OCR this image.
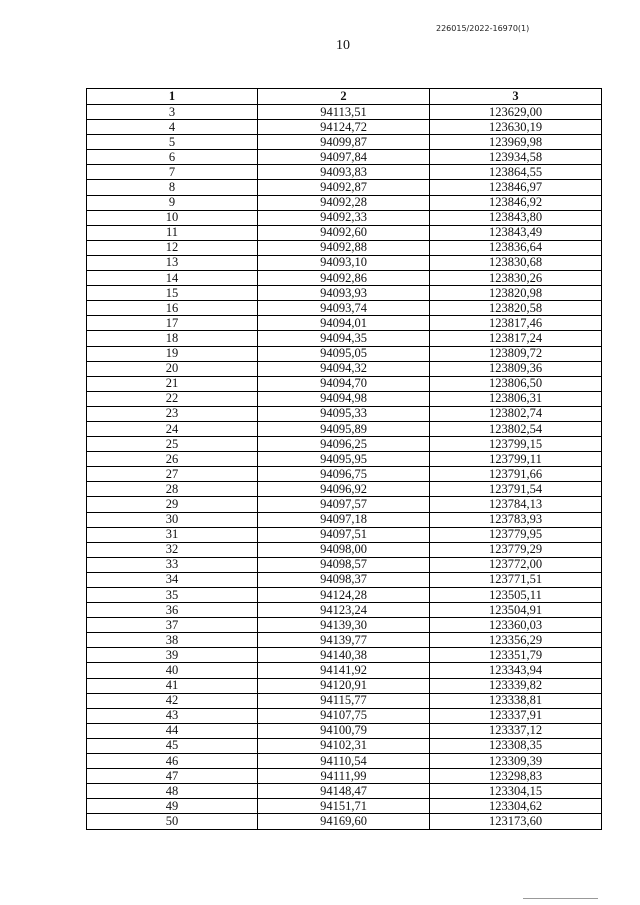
226015/2022-16970(1)
10
1	2	3
3	94113,51	123629,00
4	94124,72	123630,19
5	94099,87	123969,98
6	94097,84	123934,58
7	94093,83	123864,55
8	94092,87	123846,97
9	94092,28	123846,92
10	94092,33	123843,80
11	94092,60	123843,49
12	94092,88	123836,64
13	94093,10	123830,68
14	94092,86	123830,26
15	94093,93	123820,98
16	94093,74	123820,58
17	94094,01	123817,46
18	94094,35	123817,24
19	94095,05	123809,72
20	94094,32	123809,36
21	94094,70	123806,50
22	94094,98	123806,31
23	94095,33	123802,74
24	94095,89	123802,54
25	94096,25	123799,15
26	94095,95	123799,11
27	94096,75	123791,66
28	94096,92	123791,54
29	94097,57	123784,13
30	94097,18	123783,93
31	94097,51	123779,95
32	94098,00	123779,29
33	94098,57	123772,00
34	94098,37	123771,51
35	94124,28	123505,11
36	94123,24	123504,91
37	94139,30	123360,03
38	94139,77	123356,29
39	94140,38	123351,79
40	94141,92	123343,94
41	94120,91	123339,82
42	94115,77	123338,81
43	94107,75	123337,91
44	94100,79	123337,12
45	94102,31	123308,35
46	94110,54	123309,39
47	94111,99	123298,83
48	94148,47	123304,15
49	94151,71	123304,62
50	94169,60	123173,60
